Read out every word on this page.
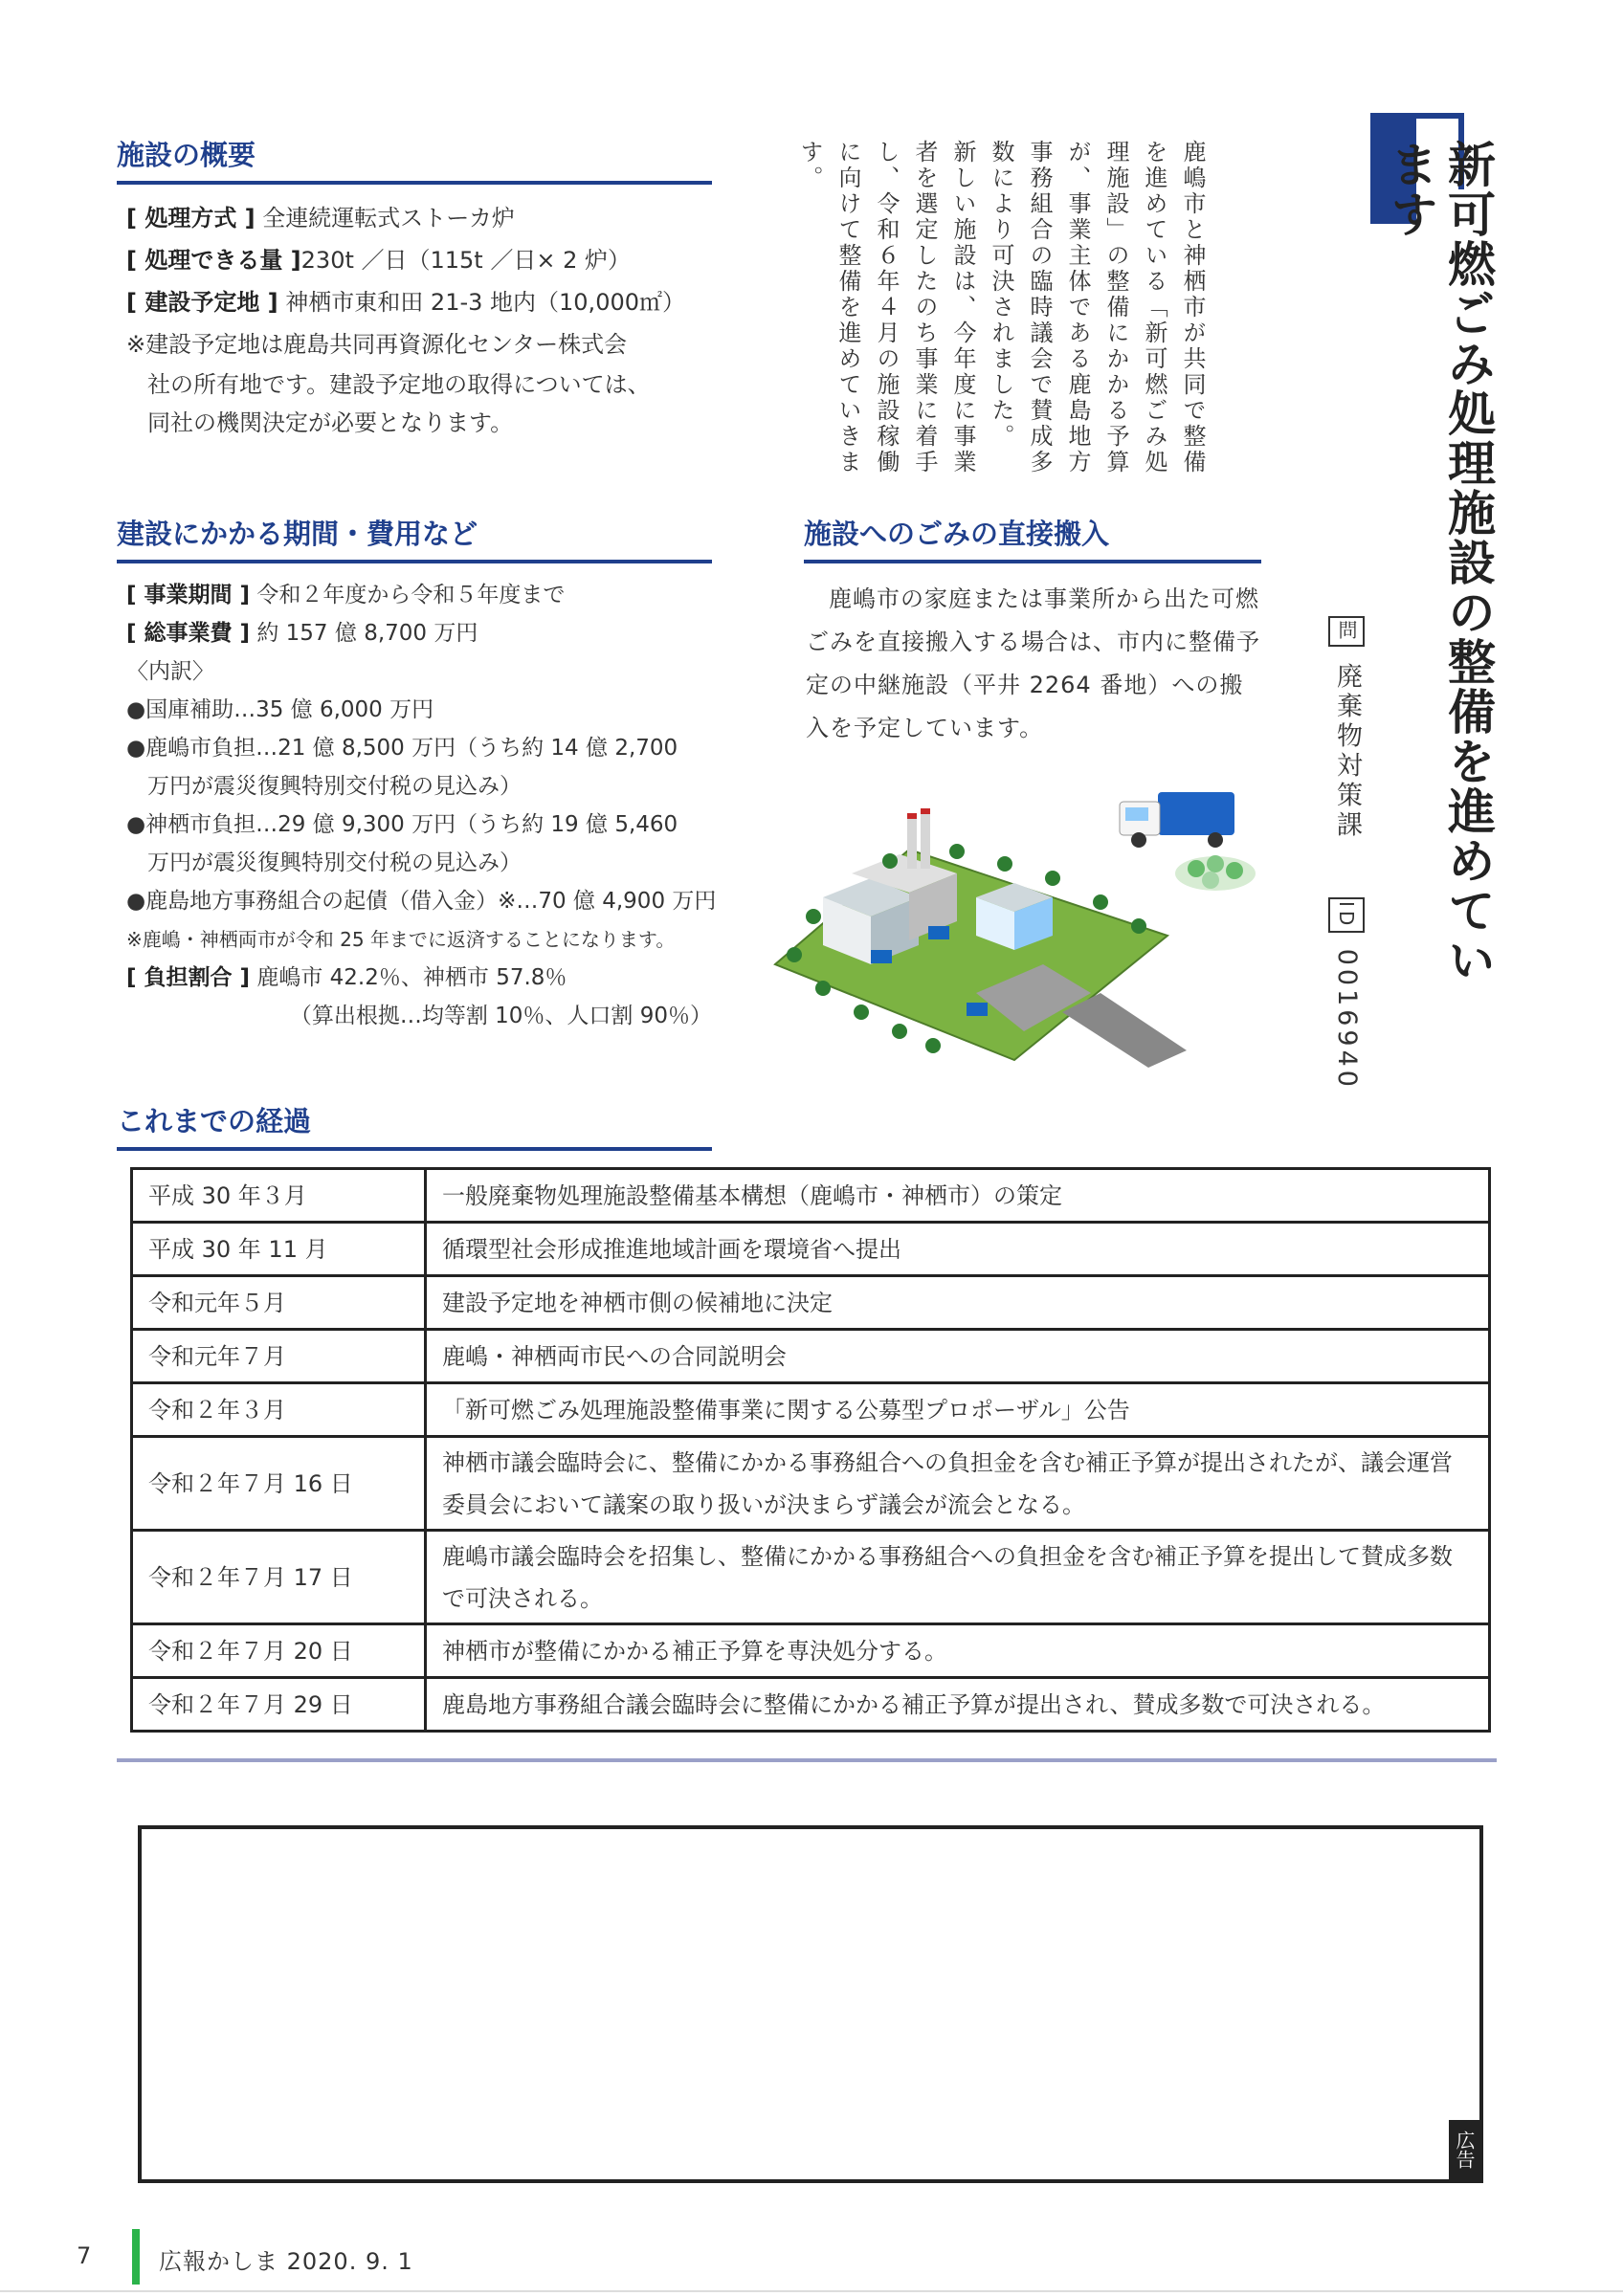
新可燃ごみ処理施設の整備を進めています
問 廃棄物対策課  ID 0016940
鹿嶋市と神栖市が共同で整備を進めている「新可燃ごみ処理施設」の整備にかかる予算が、事業主体である鹿島地方事務組合の臨時議会で賛成多数により可決されました。　新しい施設は、今年度に事業者を選定したのち事業に着手し、令和６年４月の施設稼働に向けて整備を進めていきます。
施設の概要
[ 処理方式 ] 全連続運転式ストーカ炉
[ 処理できる量 ]230t ／日（115t ／日× 2 炉）
[ 建設予定地 ] 神栖市東和田 21-3 地内（10,000㎡）
※建設予定地は鹿島共同再資源化センター株式会
社の所有地です。建設予定地の取得については、
同社の機関決定が必要となります。
建設にかかる期間・費用など
[ 事業期間 ] 令和２年度から令和５年度まで
[ 総事業費 ] 約 157 億 8,700 万円
〈内訳〉
●国庫補助…35 億 6,000 万円
●鹿嶋市負担…21 億 8,500 万円（うち約 14 億 2,700
万円が震災復興特別交付税の見込み）
●神栖市負担…29 億 9,300 万円（うち約 19 億 5,460
万円が震災復興特別交付税の見込み）
●鹿島地方事務組合の起債（借入金）※…70 億 4,900 万円
※鹿嶋・神栖両市が令和 25 年までに返済することになります。
[ 負担割合 ] 鹿嶋市 42.2％、神栖市 57.8％
（算出根拠…均等割 10％、人口割 90％）
施設へのごみの直接搬入
鹿嶋市の家庭または事業所から出た可燃ごみを直接搬入する場合は、市内に整備予定の中継施設（平井 2264 番地）への搬入を予定しています。
これまでの経過
平成 30 年３月	一般廃棄物処理施設整備基本構想（鹿嶋市・神栖市）の策定
平成 30 年 11 月	循環型社会形成推進地域計画を環境省へ提出
令和元年５月	建設予定地を神栖市側の候補地に決定
令和元年７月	鹿嶋・神栖両市民への合同説明会
令和２年３月	「新可燃ごみ処理施設整備事業に関する公募型プロポーザル」公告
令和２年７月 16 日	神栖市議会臨時会に、整備にかかる事務組合への負担金を含む補正予算が提出されたが、議会運営委員会において議案の取り扱いが決まらず議会が流会となる。
令和２年７月 17 日	鹿嶋市議会臨時会を招集し、整備にかかる事務組合への負担金を含む補正予算を提出して賛成多数で可決される。
令和２年７月 20 日	神栖市が整備にかかる補正予算を専決処分する。
令和２年７月 29 日	鹿島地方事務組合議会臨時会に整備にかかる補正予算が提出され、賛成多数で可決される。
広告
7	広報かしま 2020. 9. 1
